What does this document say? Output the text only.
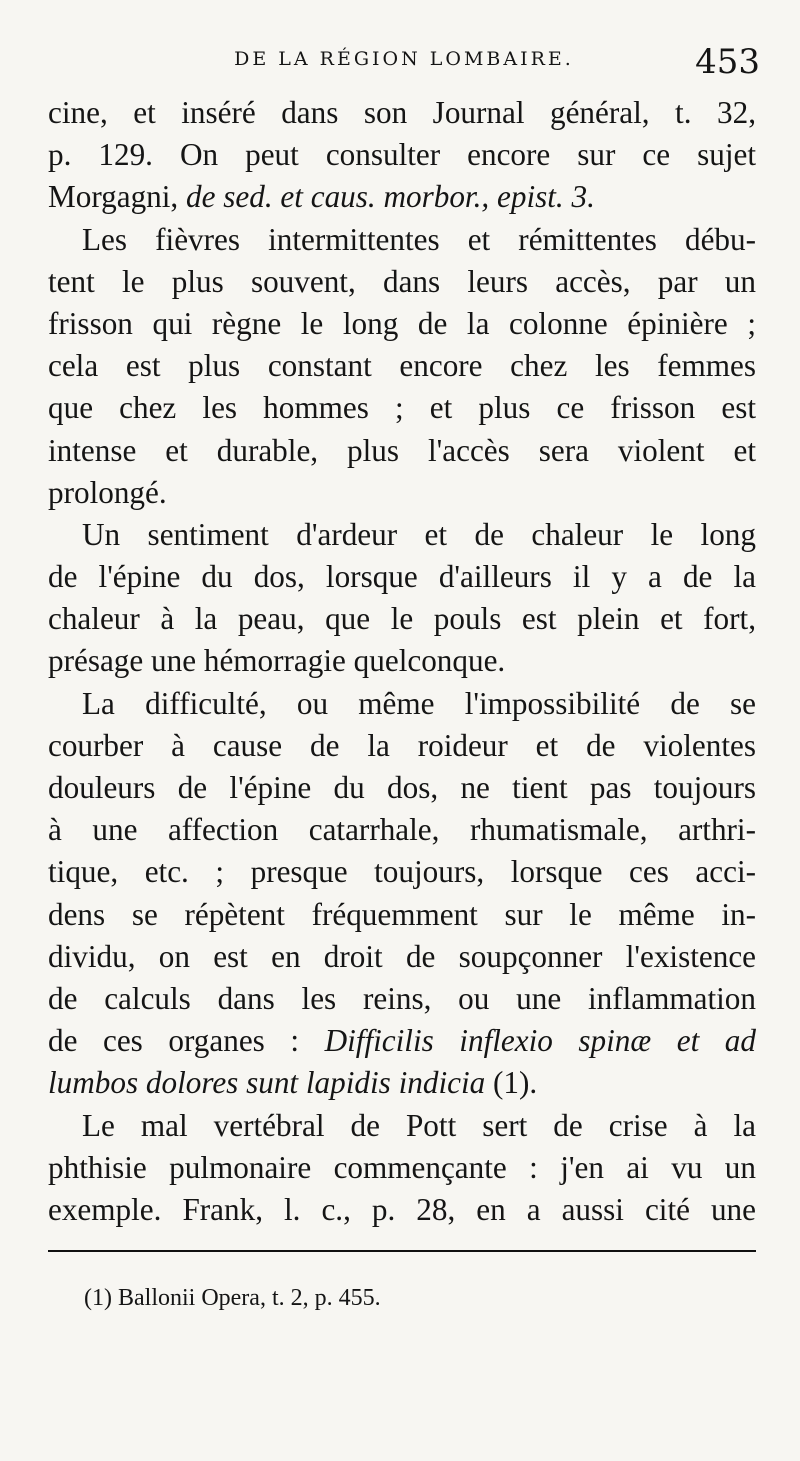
DE LA RÉGION LOMBAIRE.	453
cine, et inséré dans son Journal général, t. 32,
p. 129. On peut consulter encore sur ce sujet
Morgagni, de sed. et caus. morbor., epist. 3.
Les fièvres intermittentes et rémittentes débu-
tent le plus souvent, dans leurs accès, par un
frisson qui règne le long de la colonne épinière ;
cela est plus constant encore chez les femmes
que chez les hommes ; et plus ce frisson est
intense et durable, plus l'accès sera violent et
prolongé.
Un sentiment d'ardeur et de chaleur le long
de l'épine du dos, lorsque d'ailleurs il y a de la
chaleur à la peau, que le pouls est plein et fort,
présage une hémorragie quelconque.
La difficulté, ou même l'impossibilité de se
courber à cause de la roideur et de violentes
douleurs de l'épine du dos, ne tient pas toujours
à une affection catarrhale, rhumatismale, arthri-
tique, etc. ; presque toujours, lorsque ces acci-
dens se répètent fréquemment sur le même in-
dividu, on est en droit de soupçonner l'existence
de calculs dans les reins, ou une inflammation
de ces organes : Difficilis inflexio spinæ et ad
lumbos dolores sunt lapidis indicia (1).
Le mal vertébral de Pott sert de crise à la
phthisie pulmonaire commençante : j'en ai vu un
exemple. Frank, l. c., p. 28, en a aussi cité une
(1) Ballonii Opera, t. 2, p. 455.
